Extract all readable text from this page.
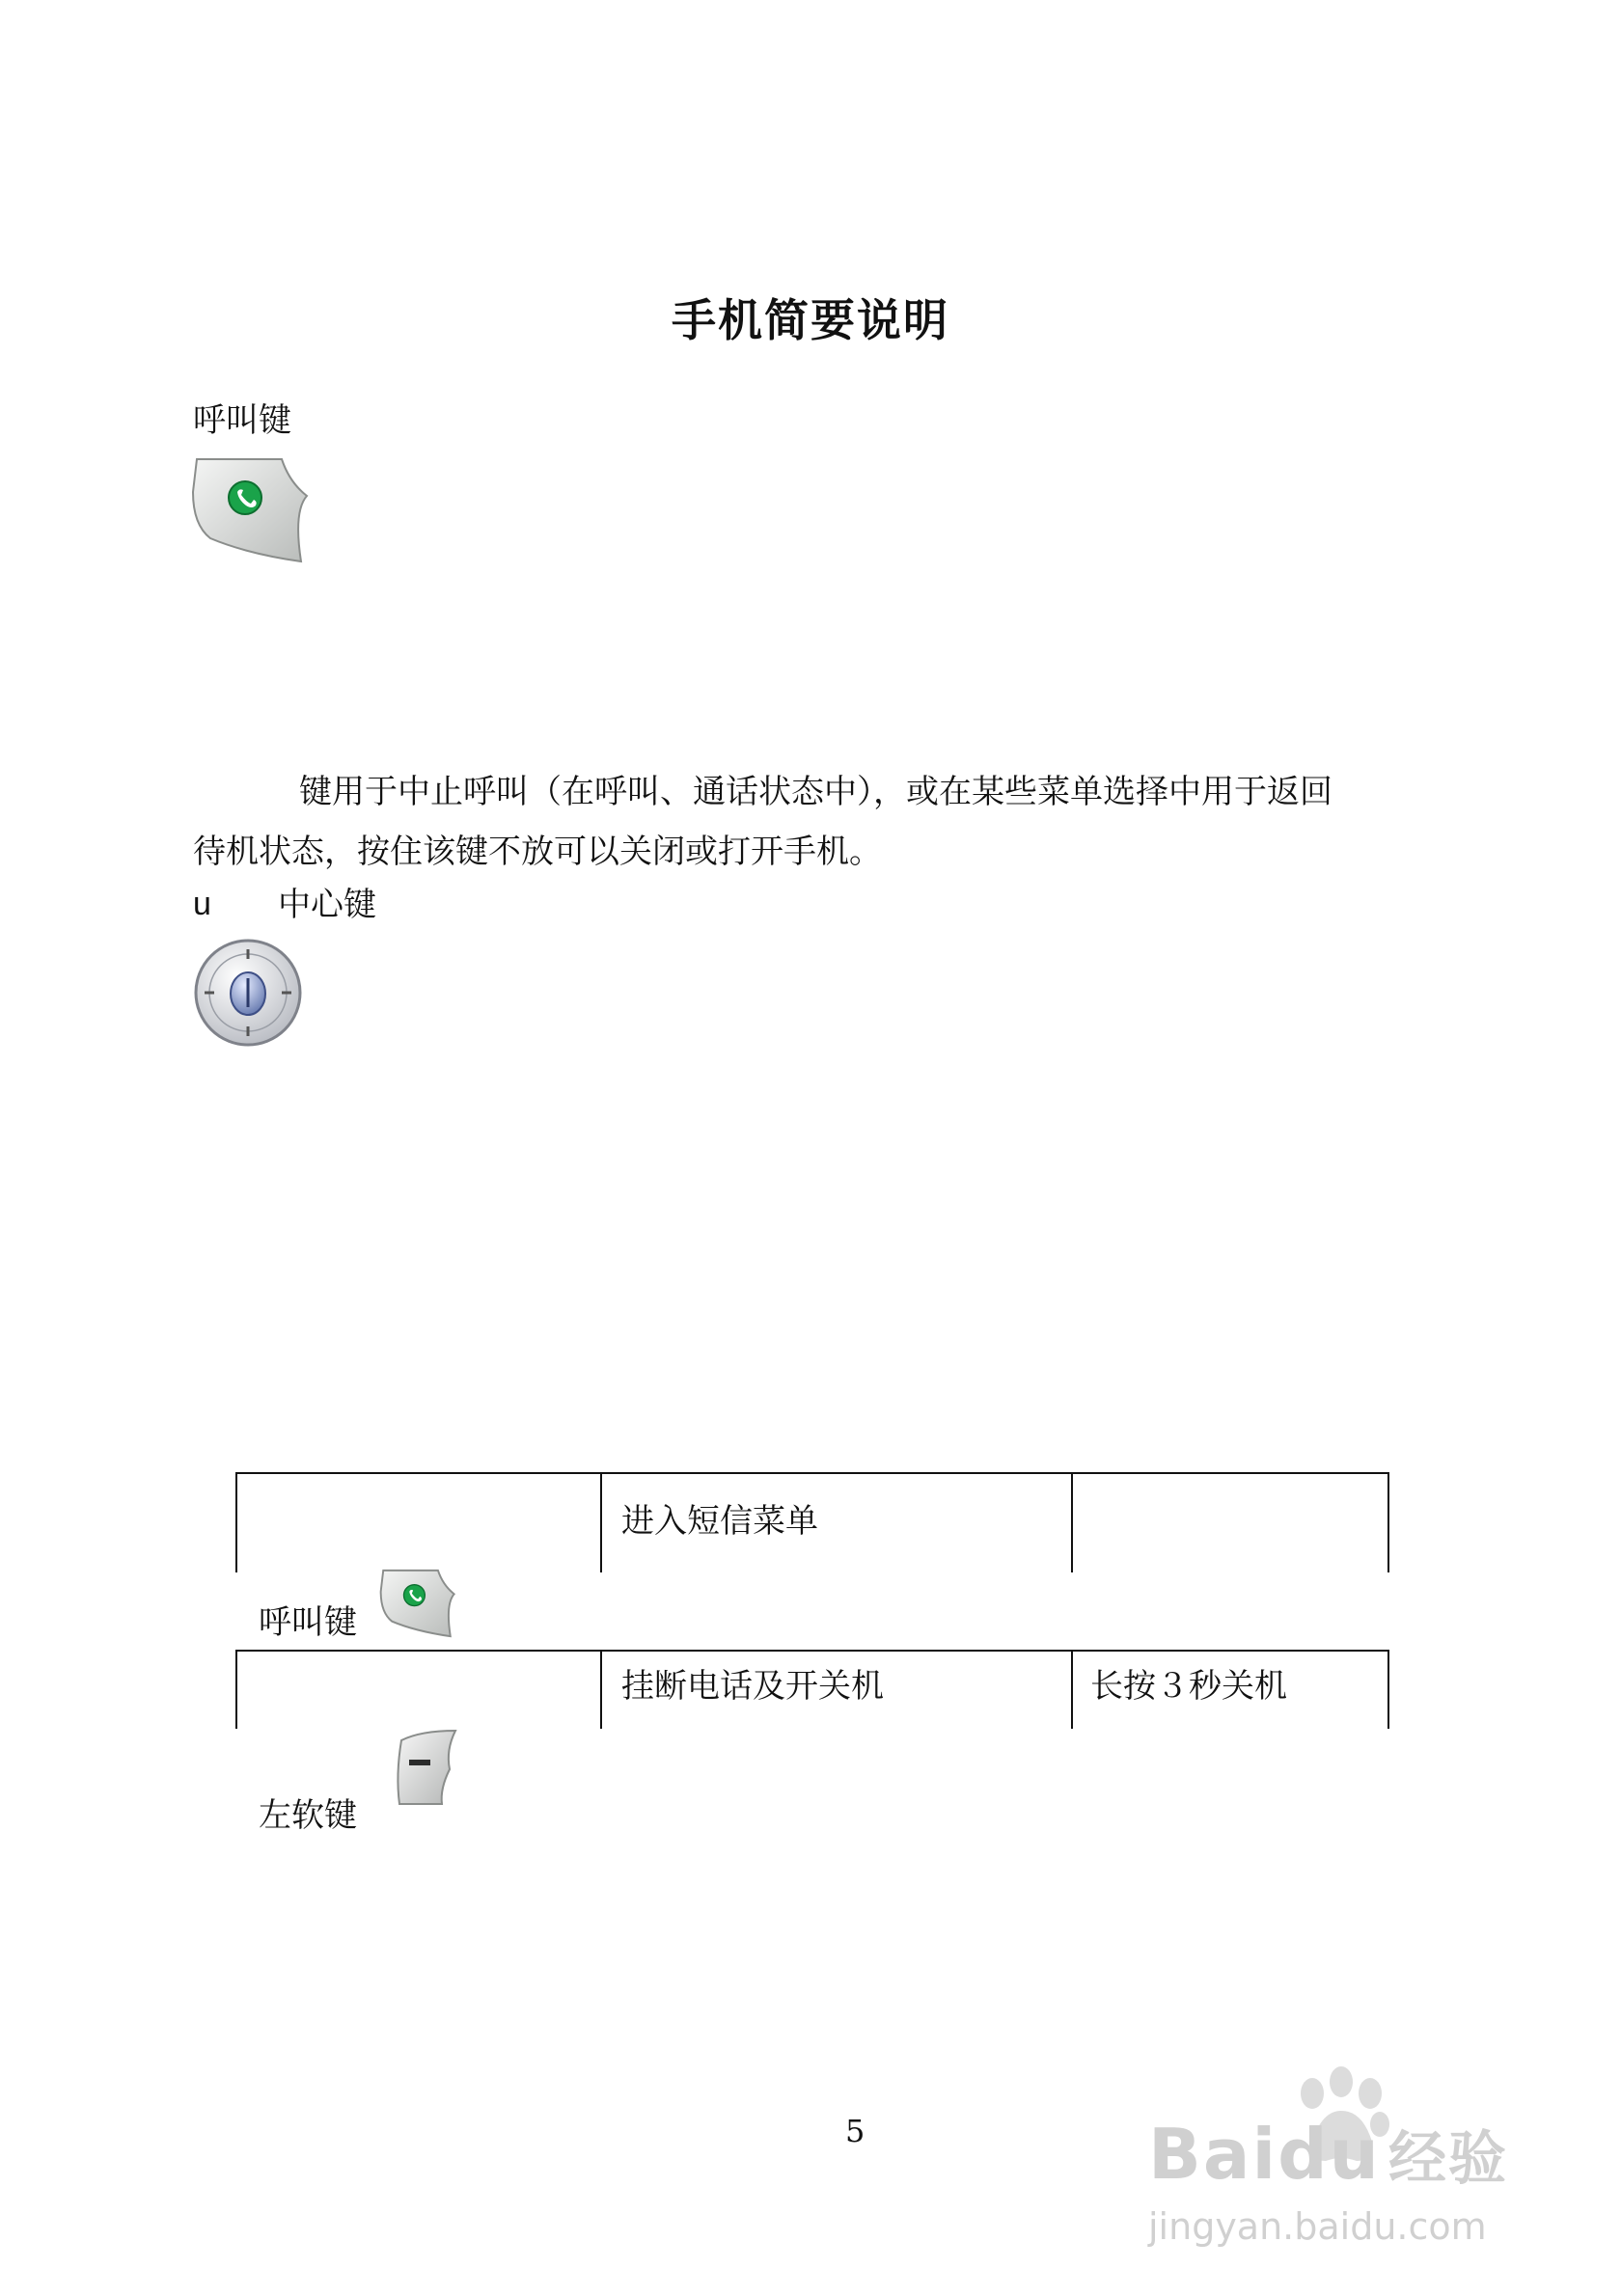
手机简要说明
呼叫键
键用于中止呼叫（在呼叫、通话状态中），或在某些菜单选择中用于返回
待机状态，按住该键不放可以关闭或打开手机。
u 中心键
进入短信菜单
呼叫键
挂断电话及开关机	长按３秒关机
左软键
5	Baidu 经验
jingyan.baidu.com
